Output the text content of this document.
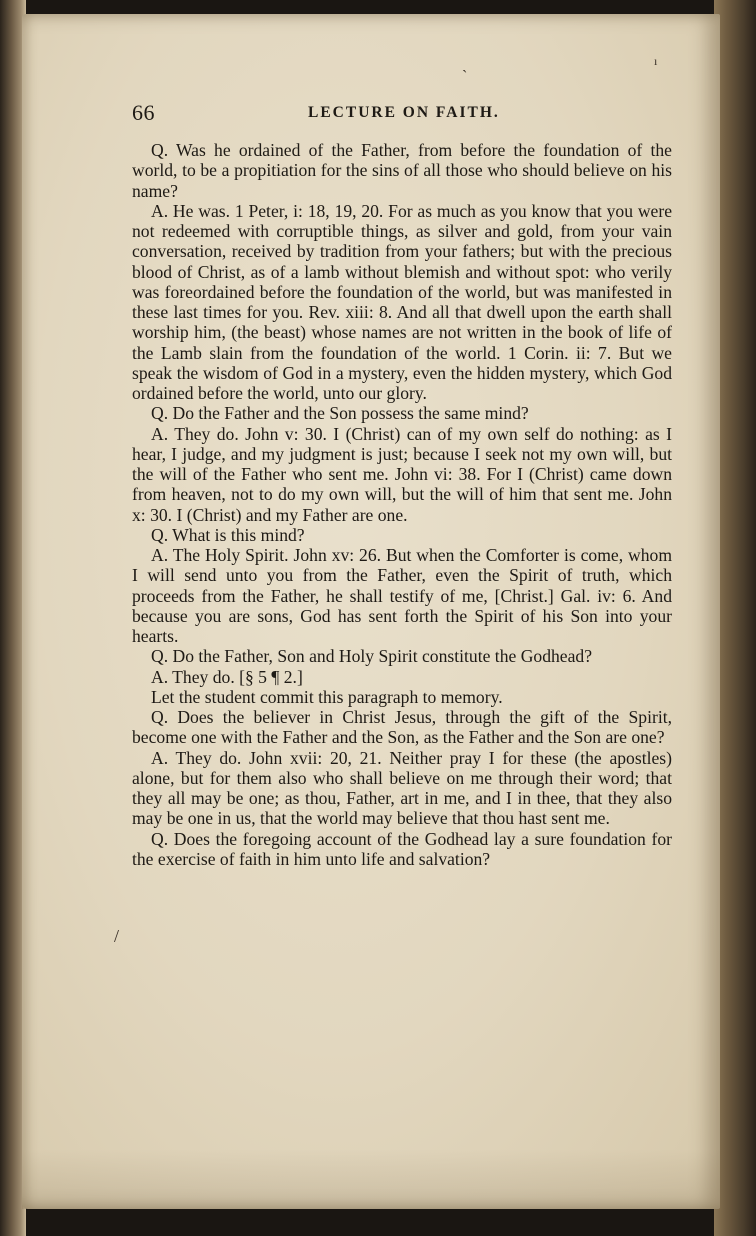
ˋ
ı
/
66	LECTURE ON FAITH.

Q. Was he ordained of the Father, from before the foundation of the world, to be a propitiation for the sins of all those who should believe on his name?

A. He was. 1 Peter, i: 18, 19, 20. For as much as you know that you were not redeemed with corruptible things, as silver and gold, from your vain conversation, received by tradition from your fathers; but with the precious blood of Christ, as of a lamb without blemish and without spot: who verily was foreordained before the foundation of the world, but was manifested in these last times for you. Rev. xiii: 8. And all that dwell upon the earth shall worship him, (the beast) whose names are not written in the book of life of the Lamb slain from the foundation of the world. 1 Corin. ii: 7. But we speak the wisdom of God in a mystery, even the hidden mystery, which God ordained before the world, unto our glory.

Q. Do the Father and the Son possess the same mind?

A. They do. John v: 30. I (Christ) can of my own self do nothing: as I hear, I judge, and my judgment is just; because I seek not my own will, but the will of the Father who sent me. John vi: 38. For I (Christ) came down from heaven, not to do my own will, but the will of him that sent me. John x: 30. I (Christ) and my Father are one.

Q. What is this mind?

A. The Holy Spirit. John xv: 26. But when the Comforter is come, whom I will send unto you from the Father, even the Spirit of truth, which proceeds from the Father, he shall testify of me, [Christ.] Gal. iv: 6. And because you are sons, God has sent forth the Spirit of his Son into your hearts.

Q. Do the Father, Son and Holy Spirit constitute the Godhead?

A. They do. [§ 5 ¶ 2.]

Let the student commit this paragraph to memory.

Q. Does the believer in Christ Jesus, through the gift of the Spirit, become one with the Father and the Son, as the Father and the Son are one?

A. They do. John xvii: 20, 21. Neither pray I for these (the apostles) alone, but for them also who shall believe on me through their word; that they all may be one; as thou, Father, art in me, and I in thee, that they also may be one in us, that the world may believe that thou hast sent me.

Q. Does the foregoing account of the Godhead lay a sure foundation for the exercise of faith in him unto life and salvation?
